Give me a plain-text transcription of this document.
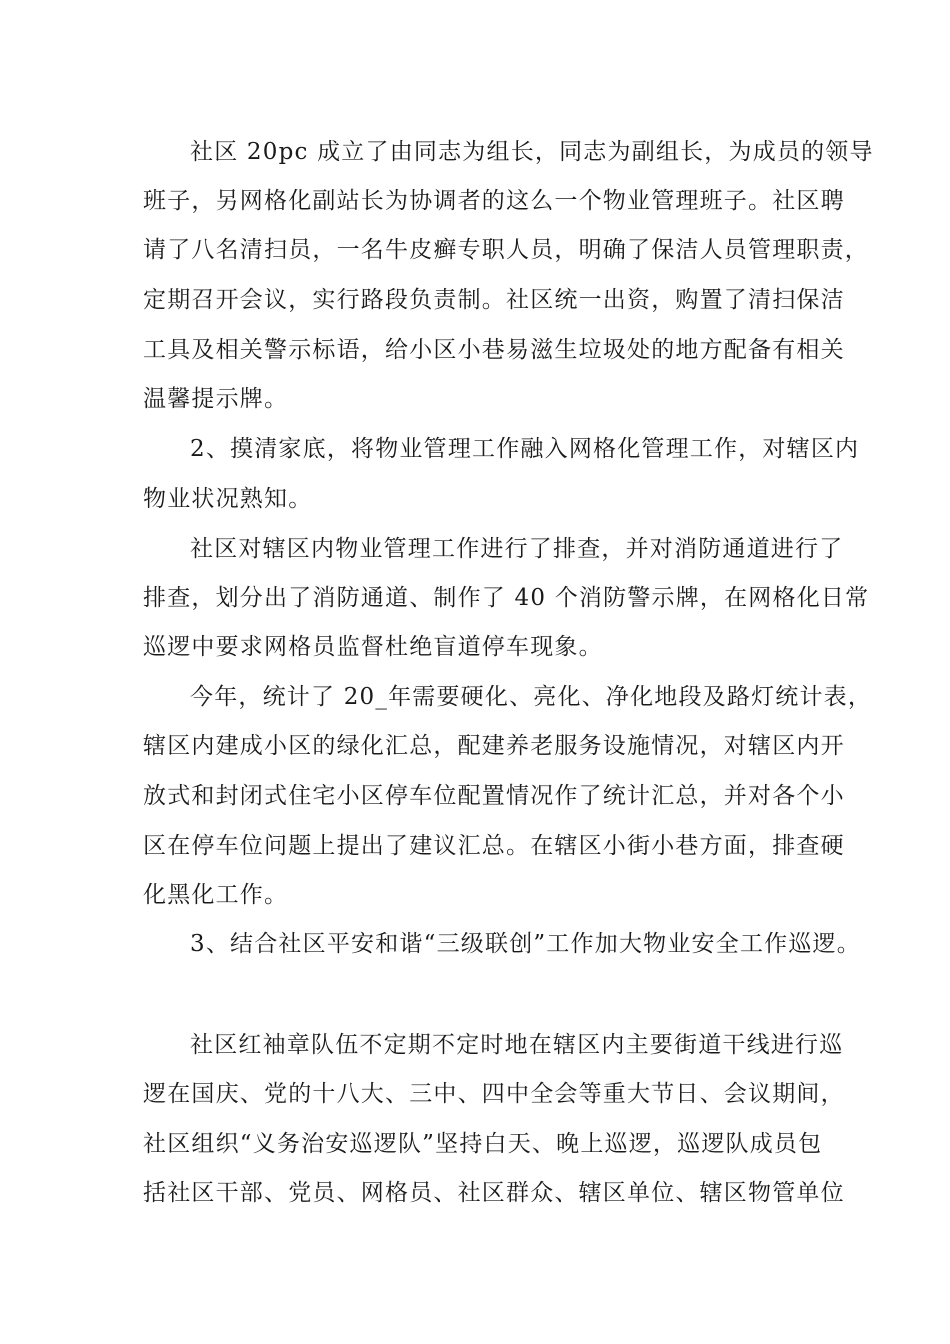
社区 20pc 成立了由同志为组长，同志为副组长，为成员的领导

班子，另网格化副站长为协调者的这么一个物业管理班子。社区聘

请了八名清扫员，一名牛皮癣专职人员，明确了保洁人员管理职责，

定期召开会议，实行路段负责制。社区统一出资，购置了清扫保洁

工具及相关警示标语，给小区小巷易滋生垃圾处的地方配备有相关

温馨提示牌。

2、摸清家底，将物业管理工作融入网格化管理工作，对辖区内

物业状况熟知。

社区对辖区内物业管理工作进行了排查，并对消防通道进行了

排查，划分出了消防通道、制作了 40 个消防警示牌，在网格化日常

巡逻中要求网格员监督杜绝盲道停车现象。

今年，统计了 20_年需要硬化、亮化、净化地段及路灯统计表，

辖区内建成小区的绿化汇总，配建养老服务设施情况，对辖区内开

放式和封闭式住宅小区停车位配置情况作了统计汇总，并对各个小

区在停车位问题上提出了建议汇总。在辖区小街小巷方面，排查硬

化黑化工作。

3、结合社区平安和谐“三级联创”工作加大物业安全工作巡逻。

社区红袖章队伍不定期不定时地在辖区内主要街道干线进行巡

逻在国庆、党的十八大、三中、四中全会等重大节日、会议期间，

社区组织“义务治安巡逻队”坚持白天、晚上巡逻，巡逻队成员包

括社区干部、党员、网格员、社区群众、辖区单位、辖区物管单位
